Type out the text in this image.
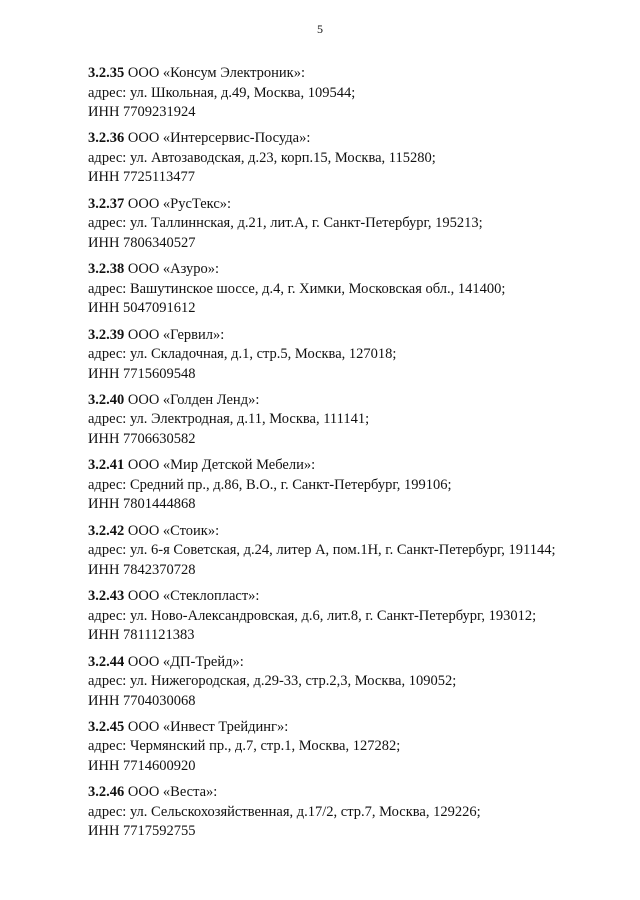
5
3.2.35 ООО «Консум Электроник»:
адрес: ул. Школьная, д.49, Москва, 109544;
ИНН 7709231924
3.2.36 ООО «Интерсервис-Посуда»:
адрес: ул. Автозаводская, д.23, корп.15, Москва, 115280;
ИНН 7725113477
3.2.37 ООО «РусТекс»:
адрес: ул. Таллиннская, д.21, лит.А, г. Санкт-Петербург, 195213;
ИНН 7806340527
3.2.38 ООО «Азуро»:
адрес: Вашутинское шоссе, д.4, г. Химки, Московская обл., 141400;
ИНН 5047091612
3.2.39 ООО «Гервил»:
адрес: ул. Складочная, д.1, стр.5, Москва, 127018;
ИНН 7715609548
3.2.40 ООО «Голден Ленд»:
адрес: ул. Электродная, д.11, Москва, 111141;
ИНН 7706630582
3.2.41 ООО «Мир Детской Мебели»:
адрес: Средний пр., д.86, В.О., г. Санкт-Петербург, 199106;
ИНН 7801444868
3.2.42 ООО «Стоик»:
адрес: ул. 6-я Советская, д.24, литер А, пом.1Н, г. Санкт-Петербург, 191144;
ИНН 7842370728
3.2.43 ООО «Стеклопласт»:
адрес: ул. Ново-Александровская, д.6, лит.8, г. Санкт-Петербург, 193012;
ИНН 7811121383
3.2.44 ООО «ДП-Трейд»:
адрес: ул. Нижегородская, д.29-33, стр.2,3, Москва, 109052;
ИНН 7704030068
3.2.45 ООО «Инвест Трейдинг»:
адрес: Чермянский пр., д.7, стр.1, Москва, 127282;
ИНН 7714600920
3.2.46 ООО «Веста»:
адрес: ул. Сельскохозяйственная, д.17/2, стр.7, Москва, 129226;
ИНН 7717592755
